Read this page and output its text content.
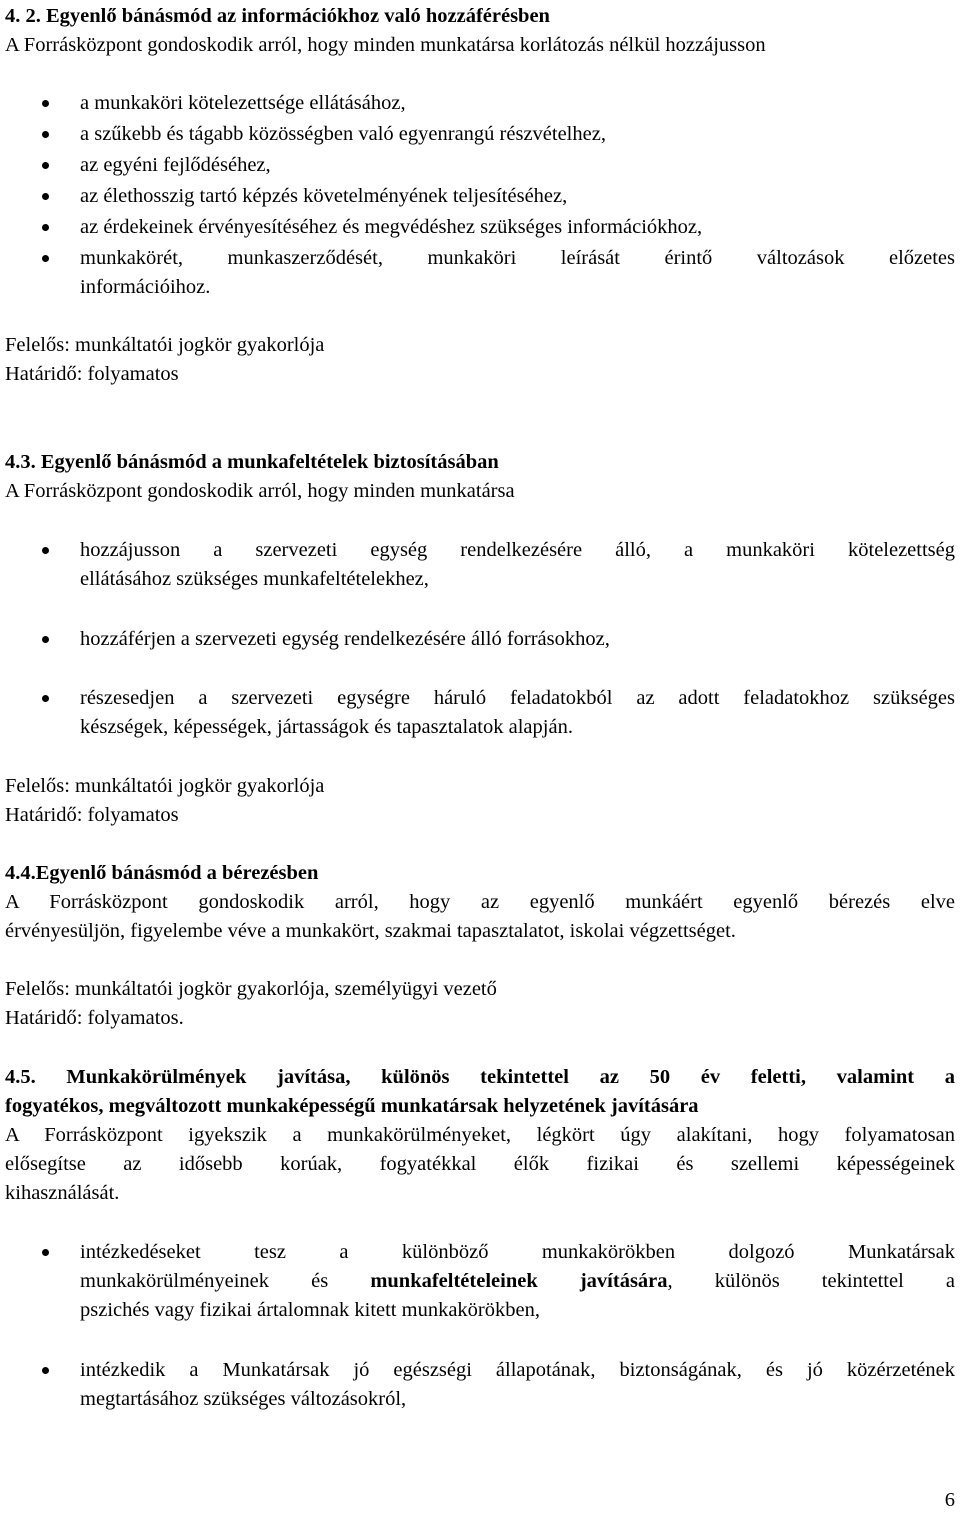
4. 2. Egyenlő bánásmód az információkhoz való hozzáférésben
A Forrásközpont gondoskodik arról, hogy minden munkatársa korlátozás nélkül hozzájusson
a munkaköri kötelezettsége ellátásához,
a szűkebb és tágabb közösségben való egyenrangú részvételhez,
az egyéni fejlődéséhez,
az élethosszig tartó képzés követelményének teljesítéséhez,
az érdekeinek érvényesítéséhez és megvédéshez szükséges információkhoz,
munkakörét, munkaszerződését, munkaköri leírását érintő változások előzetes
információihoz.
Felelős: munkáltatói jogkör gyakorlója
Határidő: folyamatos
4.3. Egyenlő bánásmód a munkafeltételek biztosításában
A Forrásközpont gondoskodik arról, hogy minden munkatársa
hozzájusson a szervezeti egység rendelkezésére álló, a munkaköri kötelezettség
ellátásához szükséges munkafeltételekhez,
hozzáférjen a szervezeti egység rendelkezésére álló forrásokhoz,
részesedjen a szervezeti egységre háruló feladatokból az adott feladatokhoz szükséges
készségek, képességek, jártasságok és tapasztalatok alapján.
Felelős: munkáltatói jogkör gyakorlója
Határidő: folyamatos
4.4.Egyenlő bánásmód a bérezésben
A Forrásközpont gondoskodik arról, hogy az egyenlő munkáért egyenlő bérezés elve
érvényesüljön, figyelembe véve a munkakört, szakmai tapasztalatot, iskolai végzettséget.
Felelős: munkáltatói jogkör gyakorlója, személyügyi vezető
Határidő: folyamatos.
4.5. Munkakörülmények javítása, különös tekintettel az 50 év feletti, valamint a
fogyatékos, megváltozott munkaképességű munkatársak helyzetének javítására
A Forrásközpont igyekszik a munkakörülményeket, légkört úgy alakítani, hogy folyamatosan
elősegítse az idősebb korúak, fogyatékkal élők fizikai és szellemi képességeinek
kihasználását.
intézkedéseket tesz a különböző munkakörökben dolgozó Munkatársak
munkakörülményeinek és munkafeltételeinek javítására, különös tekintettel a
pszichés vagy fizikai ártalomnak kitett munkakörökben,
intézkedik a Munkatársak jó egészségi állapotának, biztonságának, és jó közérzetének
megtartásához szükséges változásokról,
6
